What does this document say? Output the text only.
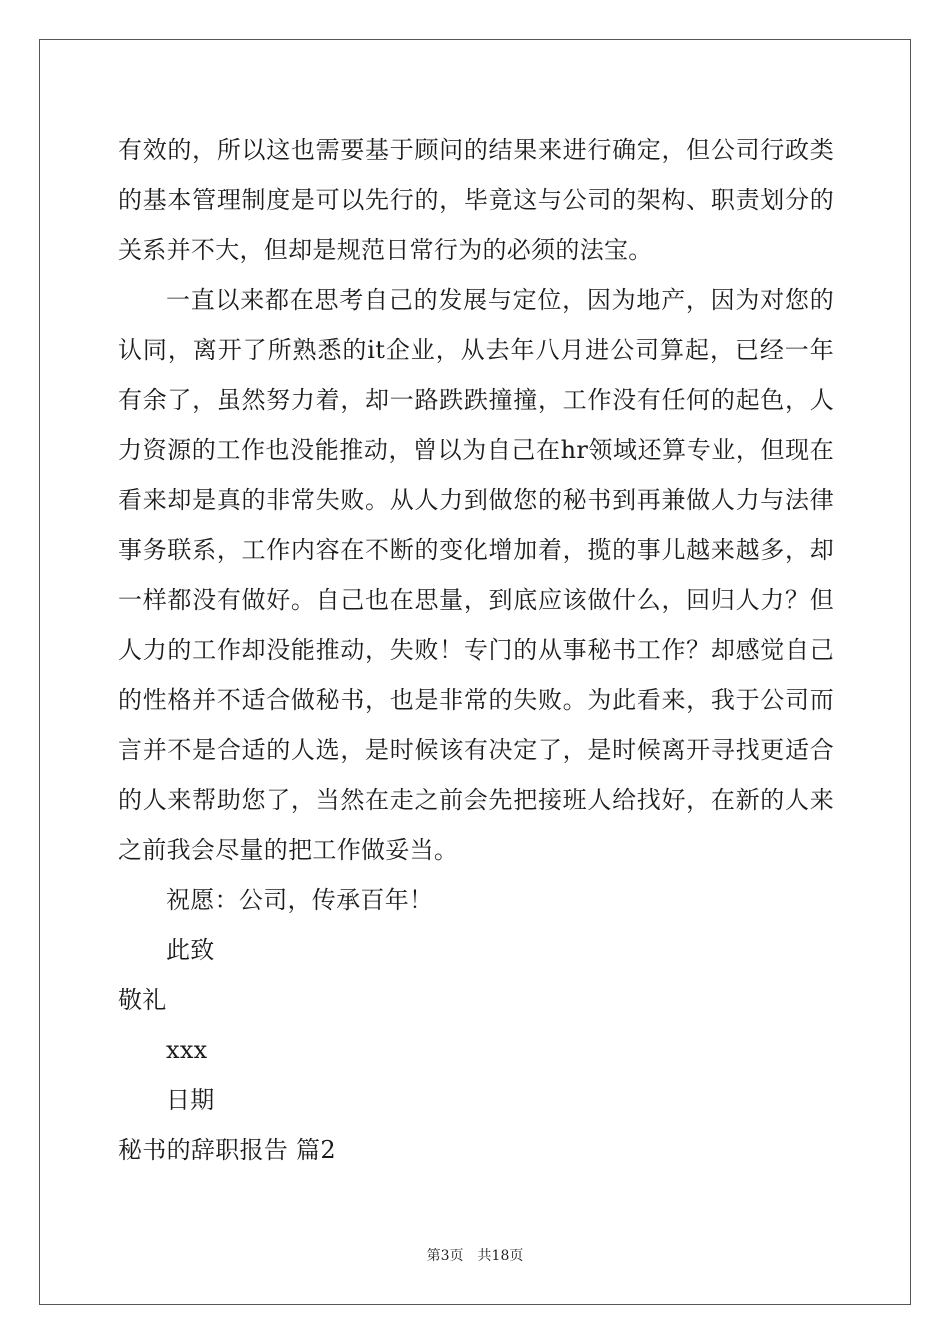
有效的，所以这也需要基于顾问的结果来进行确定，但公司行政类的基本管理制度是可以先行的，毕竟这与公司的架构、职责划分的关系并不大，但却是规范日常行为的必须的法宝。

一直以来都在思考自己的发展与定位，因为地产，因为对您的认同，离开了所熟悉的it企业，从去年八月进公司算起，已经一年有余了，虽然努力着，却一路跌跌撞撞，工作没有任何的起色，人力资源的工作也没能推动，曾以为自己在hr领域还算专业，但现在看来却是真的非常失败。从人力到做您的秘书到再兼做人力与法律事务联系，工作内容在不断的变化增加着，揽的事儿越来越多，却一样都没有做好。自己也在思量，到底应该做什么，回归人力？但人力的工作却没能推动，失败！专门的从事秘书工作？却感觉自己的性格并不适合做秘书，也是非常的失败。为此看来，我于公司而言并不是合适的人选，是时候该有决定了，是时候离开寻找更适合的人来帮助您了，当然在走之前会先把接班人给找好，在新的人来之前我会尽量的把工作做妥当。

祝愿：公司，传承百年！

此致

敬礼

xxx

日期

秘书的辞职报告 篇2

第3页 共18页
